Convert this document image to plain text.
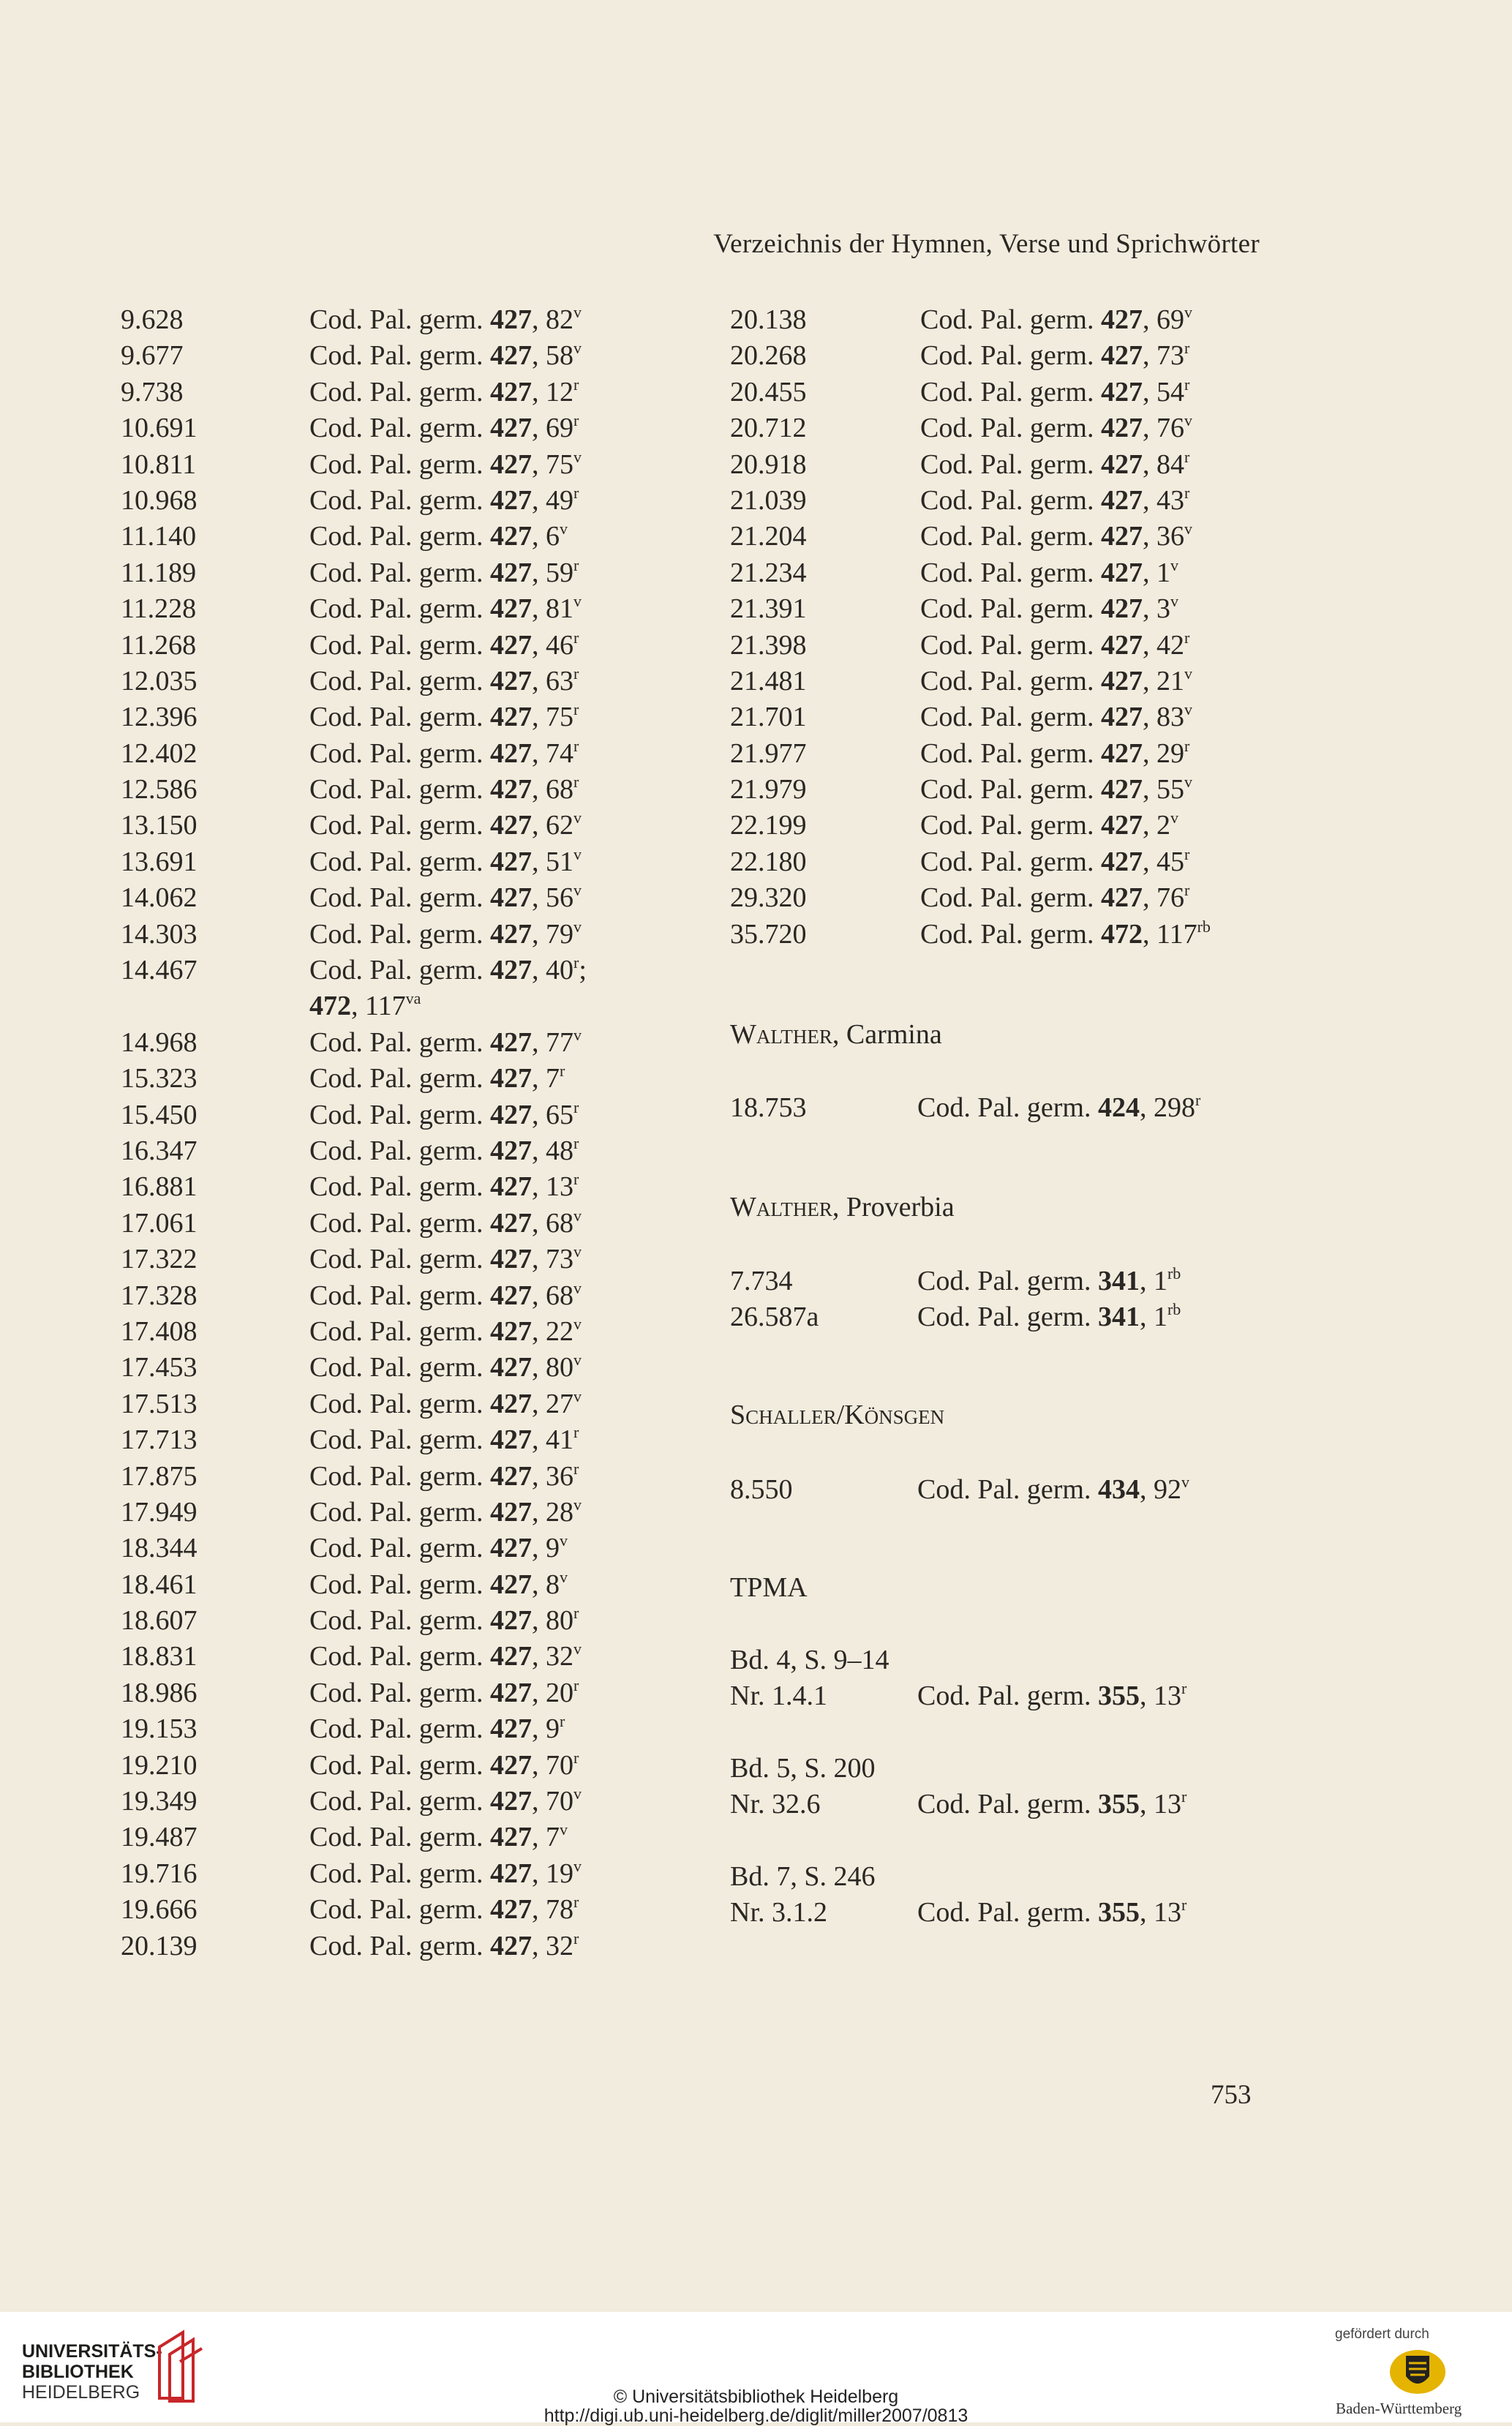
Verzeichnis der Hymnen, Verse und Sprichwörter
9.628	Cod. Pal. germ. 427, 82$^v$
9.677	Cod. Pal. germ. 427, 58$^v$
9.738	Cod. Pal. germ. 427, 12$^r$
10.691	Cod. Pal. germ. 427, 69$^r$
10.811	Cod. Pal. germ. 427, 75$^v$
10.968	Cod. Pal. germ. 427, 49$^r$
11.140	Cod. Pal. germ. 427, 6$^v$
11.189	Cod. Pal. germ. 427, 59$^r$
11.228	Cod. Pal. germ. 427, 81$^v$
11.268	Cod. Pal. germ. 427, 46$^r$
12.035	Cod. Pal. germ. 427, 63$^r$
12.396	Cod. Pal. germ. 427, 75$^r$
12.402	Cod. Pal. germ. 427, 74$^r$
12.586	Cod. Pal. germ. 427, 68$^r$
13.150	Cod. Pal. germ. 427, 62$^v$
13.691	Cod. Pal. germ. 427, 51$^v$
14.062	Cod. Pal. germ. 427, 56$^v$
14.303	Cod. Pal. germ. 427, 79$^v$
14.467	Cod. Pal. germ. 427, 40$^r$;
472, $117^{va}$
14.968	Cod. Pal. germ. 427, 77$^v$
15.323	Cod. Pal. germ. 427, 7$^r$
15.450	Cod. Pal. germ. 427, 65$^r$
16.347	Cod. Pal. germ. 427, 48$^r$
16.881	Cod. Pal. germ. 427, 13$^r$
17.061	Cod. Pal. germ. 427, 68$^v$
17.322	Cod. Pal. germ. 427, 73$^v$
17.328	Cod. Pal. germ. 427, 68$^v$
17.408	Cod. Pal. germ. 427, 22$^v$
17.453	Cod. Pal. germ. 427, 80$^v$
17.513	Cod. Pal. germ. 427, 27$^v$
17.713	Cod. Pal. germ. 427, 41$^r$
17.875	Cod. Pal. germ. 427, 36$^r$
17.949	Cod. Pal. germ. 427, 28$^v$
18.344	Cod. Pal. germ. 427, 9$^v$
18.461	Cod. Pal. germ. 427, 8$^v$
18.607	Cod. Pal. germ. 427, 80$^r$
18.831	Cod. Pal. germ. 427, 32$^v$
18.986	Cod. Pal. germ. 427, 20$^r$
19.153	Cod. Pal. germ. 427, 9$^r$
19.210	Cod. Pal. germ. 427, 70$^r$
19.349	Cod. Pal. germ. 427, 70$^v$
19.487	Cod. Pal. germ. 427, 7$^v$
19.716	Cod. Pal. germ. 427, 19$^v$
19.666	Cod. Pal. germ. 427, 78$^r$
20.139	Cod. Pal. germ. 427, 32$^r$
20.138	Cod. Pal. germ. 427, 69$^v$
20.268	Cod. Pal. germ. 427, 73$^r$
20.455	Cod. Pal. germ. 427, 54$^r$
20.712	Cod. Pal. germ. 427, 76$^v$
20.918	Cod. Pal. germ. 427, 84$^r$
21.039	Cod. Pal. germ. 427, 43$^r$
21.204	Cod. Pal. germ. 427, 36$^v$
21.234	Cod. Pal. germ. 427, 1$^v$
21.391	Cod. Pal. germ. 427, 3$^v$
21.398	Cod. Pal. germ. 427, 42$^r$
21.481	Cod. Pal. germ. 427, 21$^v$
21.701	Cod. Pal. germ. 427, 83$^v$
21.977	Cod. Pal. germ. 427, 29$^r$
21.979	Cod. Pal. germ. 427, 55$^v$
22.199	Cod. Pal. germ. 427, 2$^v$
22.180	Cod. Pal. germ. 427, 45$^r$
29.320	Cod. Pal. germ. 427, 76$^r$
35.720	Cod. Pal. germ. 472, $117^{rb}$
Walther, Carmina
18.753	Cod. Pal. germ. 424, 298$^r$
Walther, Proverbia
7.734	Cod. Pal. germ. 341, $1^{rb}$
26.587a	Cod. Pal. germ. 341, $1^{rb}$
Schaller/Könsgen
8.550	Cod. Pal. germ. 434, 92$^v$
TPMA
Bd. 4, S. 9–14
Nr. 1.4.1	Cod. Pal. germ. 355, 13$^r$
Bd. 5, S. 200
Nr. 32.6	Cod. Pal. germ. 355, 13$^r$
Bd. 7, S. 246
Nr. 3.1.2	Cod. Pal. germ. 355, 13$^r$
753
UNIVERSITÄTS-
BIBLIOTHEK
HEIDELBERG	© Universitätsbibliothek Heidelberg
http://digi.ub.uni-heidelberg.de/diglit/miller2007/0813
gefördert durch
Baden-Württemberg
